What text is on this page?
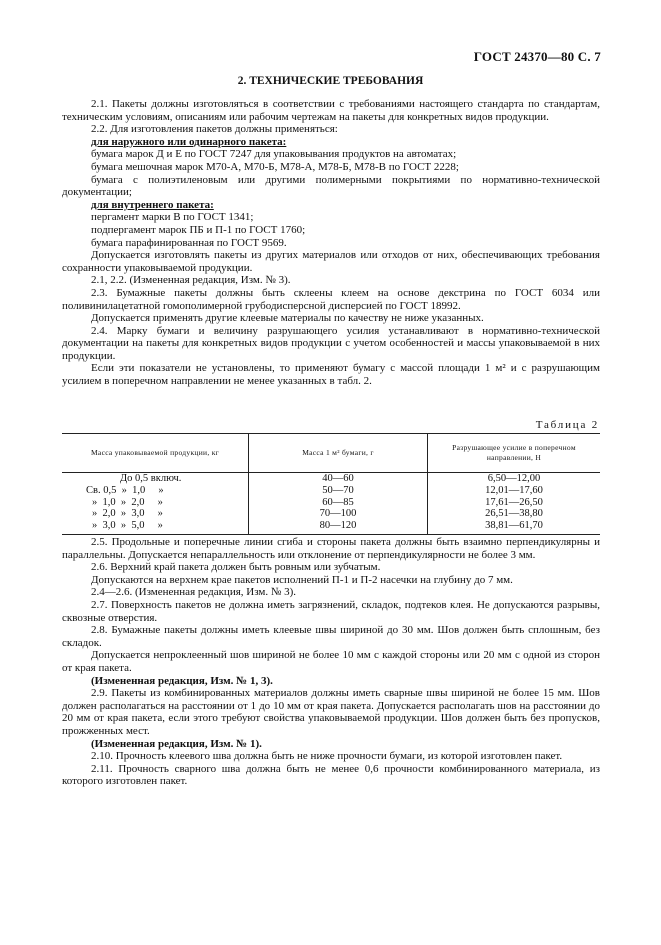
ГОСТ 24370—80 С. 7
2. ТЕХНИЧЕСКИЕ ТРЕБОВАНИЯ

2.1. Пакеты должны изготовляться в соответствии с требованиями настоящего стандарта по стандартам, техническим условиям, описаниям или рабочим чертежам на пакеты для конкретных видов продукции.

2.2. Для изготовления пакетов должны применяться:

для наружного или одинарного пакета:

бумага марок Д и Е по ГОСТ 7247 для упаковывания продуктов на автоматах;

бумага мешочная марок М70-А, М70-Б, М78-А, М78-Б, М78-В по ГОСТ 2228;

бумага с полиэтиленовым или другими полимерными покрытиями по нормативно-технической документации;

для внутреннего пакета:

пергамент марки В по ГОСТ 1341;

подпергамент марок ПБ и П-1 по ГОСТ 1760;

бумага парафинированная по ГОСТ 9569.

Допускается изготовлять пакеты из других материалов или отходов от них, обеспечивающих требования сохранности упаковываемой продукции.

2.1, 2.2. (Измененная редакция, Изм. № 3).

2.3. Бумажные пакеты должны быть склеены клеем на основе декстрина по ГОСТ 6034 или поливинилацетатной гомополимерной грубодисперсной дисперсией по ГОСТ 18992.

Допускается применять другие клеевые материалы по качеству не ниже указанных.

2.4. Марку бумаги и величину разрушающего усилия устанавливают в нормативно-технической документации на пакеты для конкретных видов продукции с учетом особенностей и массы упаковываемой в них продукции.

Если эти показатели не установлены, то применяют бумагу с массой площади 1 м² и с разрушающим усилием в поперечном направлении не менее указанных в табл. 2.

Таблица 2
Масса упаковываемой продукции, кг	Масса 1 м² бумаги, г	Разрушающее усилие в поперечном направлении, Н
До 0,5 включ.	40—60	6,50—12,00
Св. 0,5  »  1,0     »	50—70	12,01—17,60
»  1,0  »  2,0     »	60—85	17,61—26,50
»  2,0  »  3,0     »	70—100	26,51—38,80
»  3,0  »  5,0     »	80—120	38,81—61,70

2.5. Продольные и поперечные линии сгиба и стороны пакета должны быть взаимно перпендикулярны и параллельны. Допускается непараллельность или отклонение от перпендикулярности не более 3 мм.

2.6. Верхний край пакета должен быть ровным или зубчатым.

Допускаются на верхнем крае пакетов исполнений П-1 и П-2 насечки на глубину до 7 мм.

2.4—2.6. (Измененная редакция, Изм. № 3).

2.7. Поверхность пакетов не должна иметь загрязнений, складок, подтеков клея. Не допускаются разрывы, сквозные отверстия.

2.8. Бумажные пакеты должны иметь клеевые швы шириной до 30 мм. Шов должен быть сплошным, без складок.

Допускается непроклеенный шов шириной не более 10 мм с каждой стороны или 20 мм с одной из сторон от края пакета.

(Измененная редакция, Изм. № 1, 3).

2.9. Пакеты из комбинированных материалов должны иметь сварные швы шириной не более 15 мм. Шов должен располагаться на расстоянии от 1 до 10 мм от края пакета. Допускается располагать шов на расстоянии до 20 мм от края пакета, если этого требуют свойства упаковываемой продукции. Шов должен быть без пропусков, прожженных мест.

(Измененная редакция, Изм. № 1).

2.10. Прочность клеевого шва должна быть не ниже прочности бумаги, из которой изготовлен пакет.

2.11. Прочность сварного шва должна быть не менее 0,6 прочности комбинированного материала, из которого изготовлен пакет.
